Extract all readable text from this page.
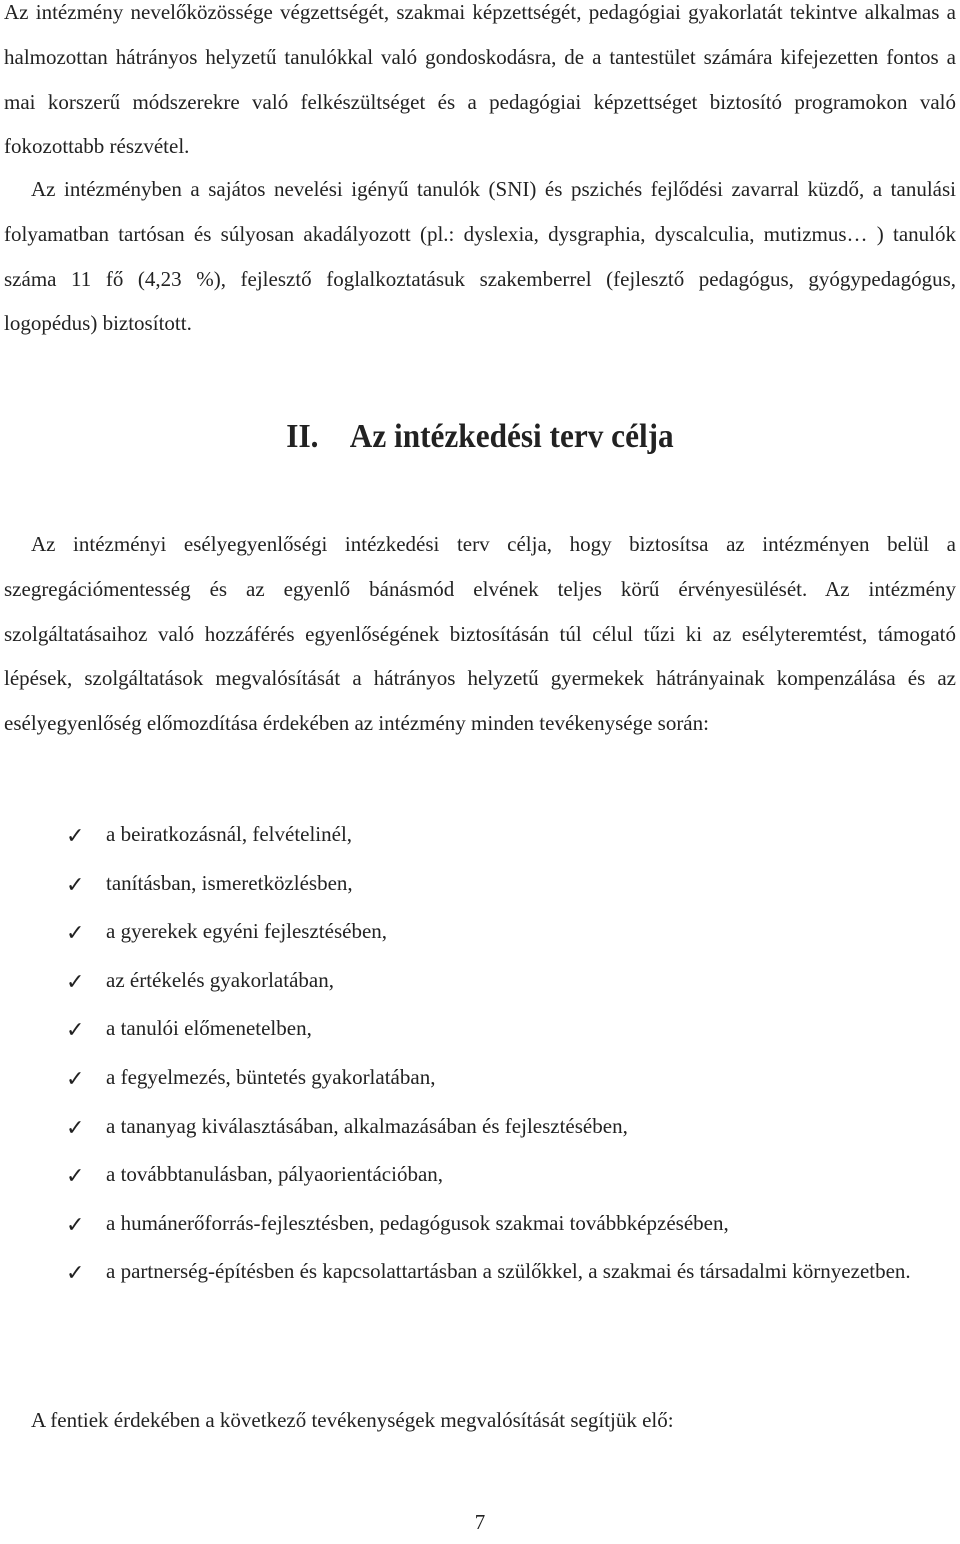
Az intézmény nevelőközössége végzettségét, szakmai képzettségét, pedagógiai gyakorlatát tekintve alkalmas a halmozottan hátrányos helyzetű tanulókkal való gondoskodásra, de a tantestület számára kifejezetten fontos a mai korszerű módszerekre való felkészültséget és a pedagógiai képzettséget biztosító programokon való fokozottabb részvétel.

Az intézményben a sajátos nevelési igényű tanulók (SNI) és pszichés fejlődési zavarral küzdő, a tanulási folyamatban tartósan és súlyosan akadályozott (pl.: dyslexia, dysgraphia, dyscalculia, mutizmus… ) tanulók száma 11 fő (4,23 %), fejlesztő foglalkoztatásuk szakemberrel (fejlesztő pedagógus, gyógypedagógus, logopédus) biztosított.

II. Az intézkedési terv célja

Az intézményi esélyegyenlőségi intézkedési terv célja, hogy biztosítsa az intézményen belül a szegregációmentesség és az egyenlő bánásmód elvének teljes körű érvényesülését. Az intézmény szolgáltatásaihoz való hozzáférés egyenlőségének biztosításán túl célul tűzi ki az esélyteremtést, támogató lépések, szolgáltatások megvalósítását a hátrányos helyzetű gyermekek hátrányainak kompenzálása és az esélyegyenlőség előmozdítása érdekében az intézmény minden tevékenysége során:

✓ a beiratkozásnál, felvételinél,
✓ tanításban, ismeretközlésben,
✓ a gyerekek egyéni fejlesztésében,
✓ az értékelés gyakorlatában,
✓ a tanulói előmenetelben,
✓ a fegyelmezés, büntetés gyakorlatában,
✓ a tananyag kiválasztásában, alkalmazásában és fejlesztésében,
✓ a továbbtanulásban, pályaorientációban,
✓ a humánerőforrás-fejlesztésben, pedagógusok szakmai továbbképzésében,
✓ a partnerség-építésben és kapcsolattartásban a szülőkkel, a szakmai és társadalmi környezetben.

A fentiek érdekében a következő tevékenységek megvalósítását segítjük elő:

7
